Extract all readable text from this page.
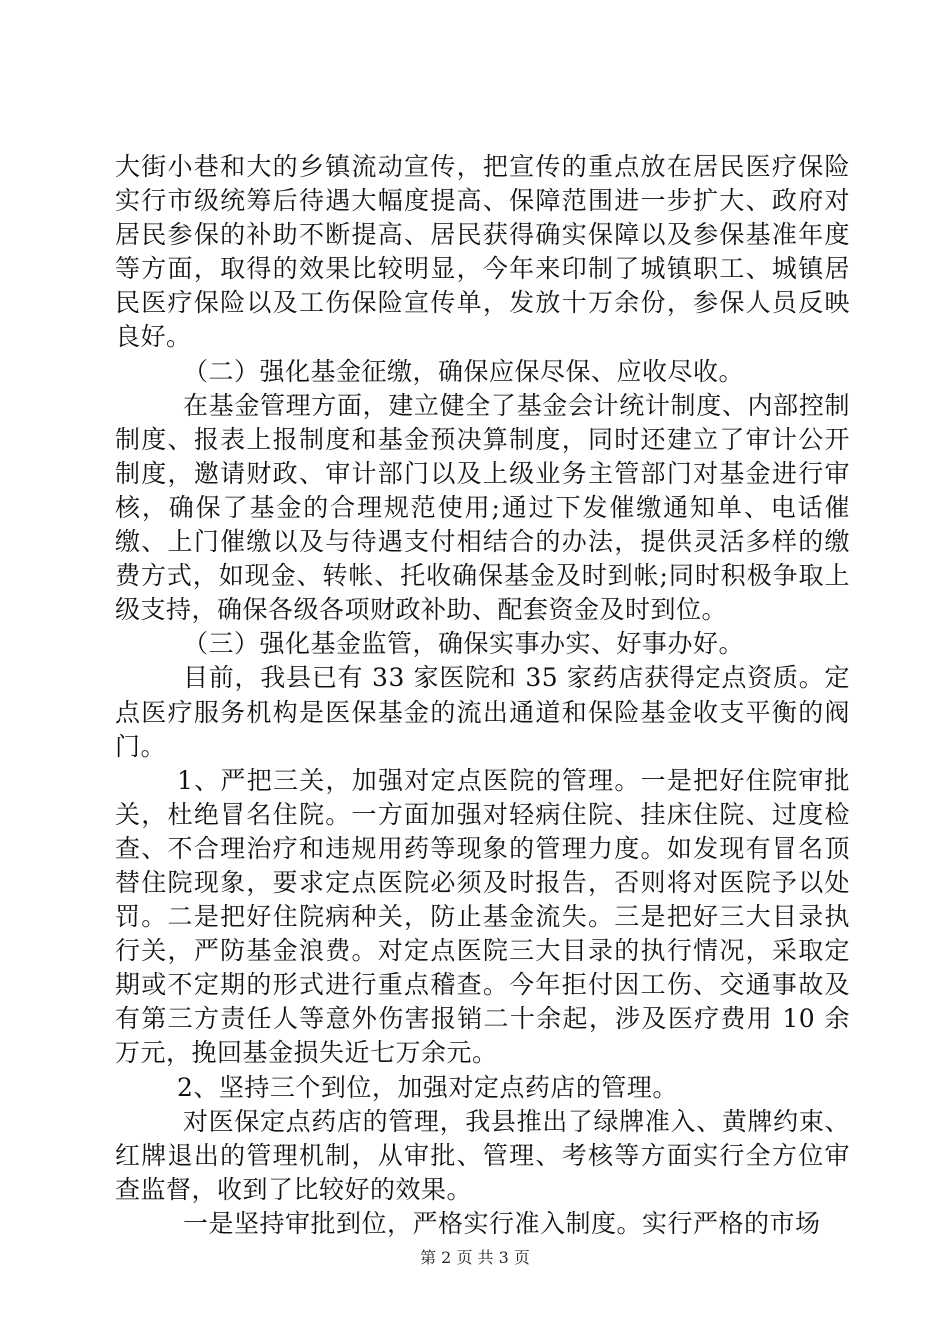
大街小巷和大的乡镇流动宣传，把宣传的重点放在居民医疗保险实行市级统筹后待遇大幅度提高、保障范围进一步扩大、政府对居民参保的补助不断提高、居民获得确实保障以及参保基准年度等方面，取得的效果比较明显，今年来印制了城镇职工、城镇居民医疗保险以及工伤保险宣传单，发放十万余份，参保人员反映良好。

（二）强化基金征缴，确保应保尽保、应收尽收。

在基金管理方面，建立健全了基金会计统计制度、内部控制制度、报表上报制度和基金预决算制度，同时还建立了审计公开制度，邀请财政、审计部门以及上级业务主管部门对基金进行审核，确保了基金的合理规范使用;通过下发催缴通知单、电话催缴、上门催缴以及与待遇支付相结合的办法，提供灵活多样的缴费方式，如现金、转帐、托收确保基金及时到帐;同时积极争取上级支持，确保各级各项财政补助、配套资金及时到位。

（三）强化基金监管，确保实事办实、好事办好。

目前，我县已有 33 家医院和 35 家药店获得定点资质。定点医疗服务机构是医保基金的流出通道和保险基金收支平衡的阀门。

1、严把三关，加强对定点医院的管理。一是把好住院审批关，杜绝冒名住院。一方面加强对轻病住院、挂床住院、过度检查、不合理治疗和违规用药等现象的管理力度。如发现有冒名顶替住院现象，要求定点医院必须及时报告，否则将对医院予以处罚。二是把好住院病种关，防止基金流失。三是把好三大目录执行关，严防基金浪费。对定点医院三大目录的执行情况，采取定期或不定期的形式进行重点稽查。今年拒付因工伤、交通事故及有第三方责任人等意外伤害报销二十余起，涉及医疗费用 10 余万元，挽回基金损失近七万余元。

2、坚持三个到位，加强对定点药店的管理。

对医保定点药店的管理，我县推出了绿牌准入、黄牌约束、红牌退出的管理机制，从审批、管理、考核等方面实行全方位审查监督，收到了比较好的效果。

一是坚持审批到位，严格实行准入制度。实行严格的市场

第 2 页 共 3 页
